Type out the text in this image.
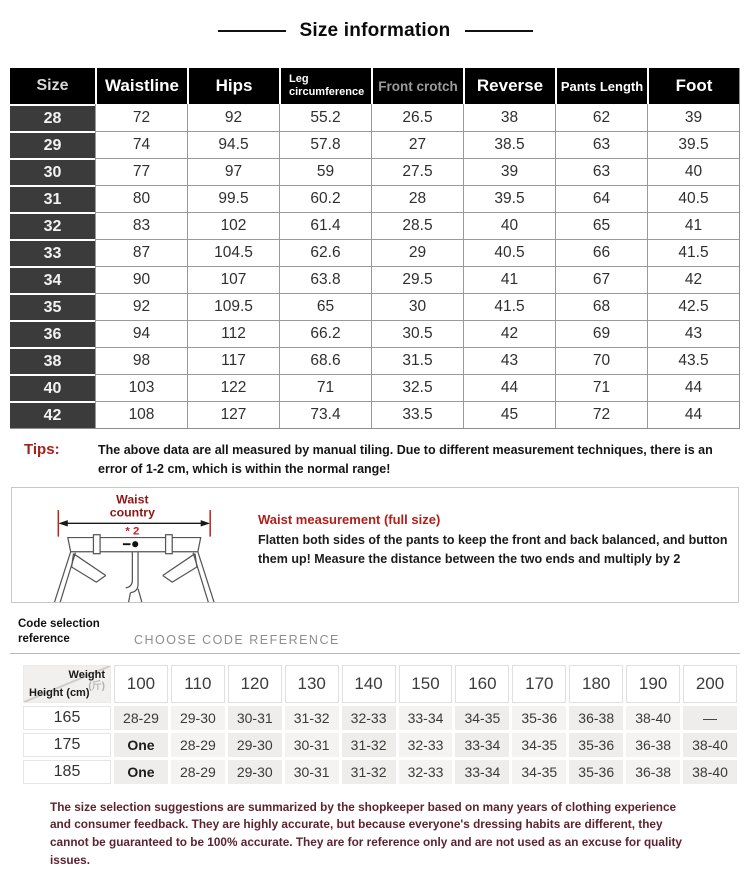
Size information
Size	Waistline	Hips	Leg circumference	Front crotch	Reverse	Pants Length	Foot
28	72	92	55.2	26.5	38	62	39
29	74	94.5	57.8	27	38.5	63	39.5
30	77	97	59	27.5	39	63	40
31	80	99.5	60.2	28	39.5	64	40.5
32	83	102	61.4	28.5	40	65	41
33	87	104.5	62.6	29	40.5	66	41.5
34	90	107	63.8	29.5	41	67	42
35	92	109.5	65	30	41.5	68	42.5
36	94	112	66.2	30.5	42	69	43
38	98	117	68.6	31.5	43	70	43.5
40	103	122	71	32.5	44	71	44
42	108	127	73.4	33.5	45	72	44
Tips:	The above data are all measured by manual tiling. Due to different measurement techniques, there is an error of 1-2 cm, which is within the normal range!
Waist
country
* 2
Waist measurement (full size)
Flatten both sides of the pants to keep the front and back balanced, and button them up! Measure the distance between the two ends and multiply by 2
Code selection reference	CHOOSE CODE REFERENCE
Weight
(斤)
Height (cm)	100	110	120	130	140	150	160	170	180	190	200
165	28-29	29-30	30-31	31-32	32-33	33-34	34-35	35-36	36-38	38-40	—
175	One	28-29	29-30	30-31	31-32	32-33	33-34	34-35	35-36	36-38	38-40
185	One	28-29	29-30	30-31	31-32	32-33	33-34	34-35	35-36	36-38	38-40

The size selection suggestions are summarized by the shopkeeper based on many years of clothing experience and consumer feedback. They are highly accurate, but because everyone's dressing habits are different, they cannot be guaranteed to be 100% accurate. They are for reference only and are not used as an excuse for quality issues.
